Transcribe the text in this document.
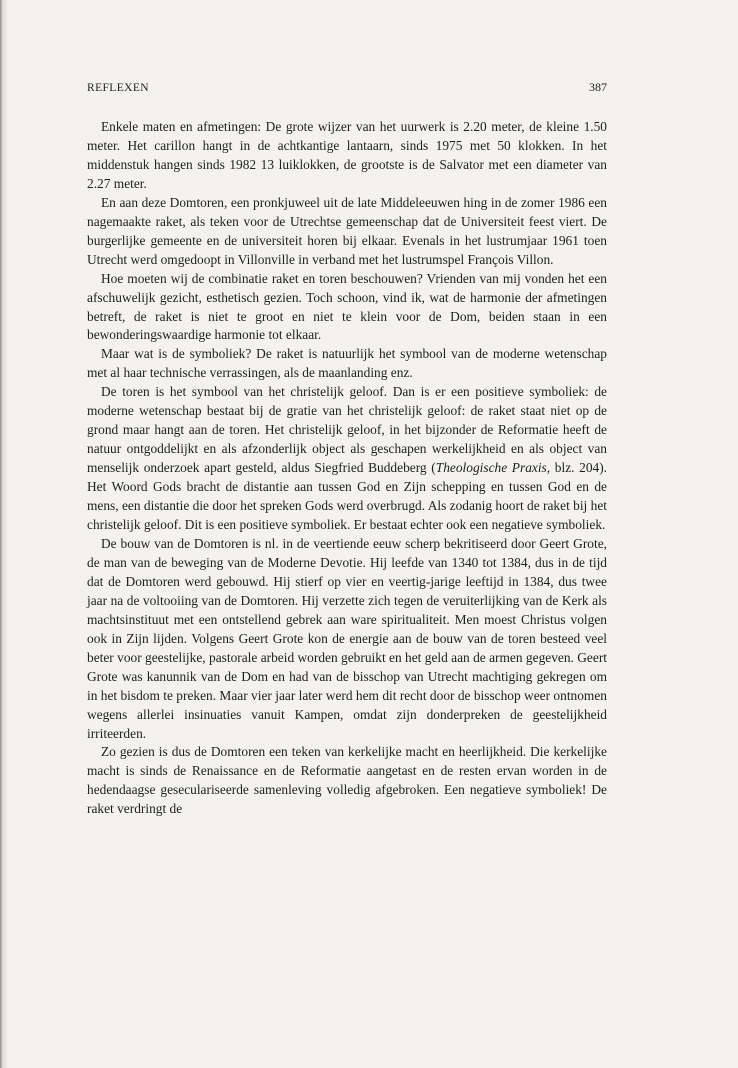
REFLEXEN	387

Enkele maten en afmetingen: De grote wijzer van het uurwerk is 2.20 meter, de kleine 1.50 meter. Het carillon hangt in de achtkantige lantaarn, sinds 1975 met 50 klokken. In het middenstuk hangen sinds 1982 13 luiklokken, de grootste is de Salvator met een diameter van 2.27 meter.

En aan deze Domtoren, een pronkjuweel uit de late Middeleeuwen hing in de zomer 1986 een nagemaakte raket, als teken voor de Utrechtse gemeenschap dat de Universiteit feest viert. De burgerlijke gemeente en de universiteit horen bij elkaar. Evenals in het lustrumjaar 1961 toen Utrecht werd omgedoopt in Villonville in verband met het lustrumspel François Villon.

Hoe moeten wij de combinatie raket en toren beschouwen? Vrienden van mij vonden het een afschuwelijk gezicht, esthetisch gezien. Toch schoon, vind ik, wat de harmonie der afmetingen betreft, de raket is niet te groot en niet te klein voor de Dom, beiden staan in een bewonderingswaardige harmonie tot elkaar.

Maar wat is de symboliek? De raket is natuurlijk het symbool van de moderne wetenschap met al haar technische verrassingen, als de maanlanding enz.

De toren is het symbool van het christelijk geloof. Dan is er een positieve symboliek: de moderne wetenschap bestaat bij de gratie van het christelijk geloof: de raket staat niet op de grond maar hangt aan de toren. Het christelijk geloof, in het bijzonder de Reformatie heeft de natuur ontgoddelijkt en als afzonderlijk object als geschapen werkelijkheid en als object van menselijk onderzoek apart gesteld, aldus Siegfried Buddeberg (Theologische Praxis, blz. 204). Het Woord Gods bracht de distantie aan tussen God en Zijn schepping en tussen God en de mens, een distantie die door het spreken Gods werd overbrugd. Als zodanig hoort de raket bij het christelijk geloof. Dit is een positieve symboliek. Er bestaat echter ook een negatieve symboliek.

De bouw van de Domtoren is nl. in de veertiende eeuw scherp bekritiseerd door Geert Grote, de man van de beweging van de Moderne Devotie. Hij leefde van 1340 tot 1384, dus in de tijd dat de Domtoren werd gebouwd. Hij stierf op vier en veertig-jarige leeftijd in 1384, dus twee jaar na de voltooiing van de Domtoren. Hij verzette zich tegen de veruiterlijking van de Kerk als machtsinstituut met een ontstellend gebrek aan ware spiritualiteit. Men moest Christus volgen ook in Zijn lijden. Volgens Geert Grote kon de energie aan de bouw van de toren besteed veel beter voor geestelijke, pastorale arbeid worden gebruikt en het geld aan de armen gegeven. Geert Grote was kanunnik van de Dom en had van de bisschop van Utrecht machtiging gekregen om in het bisdom te preken. Maar vier jaar later werd hem dit recht door de bisschop weer ontnomen wegens allerlei insinuaties vanuit Kampen, omdat zijn donderpreken de geestelijkheid irriteerden.

Zo gezien is dus de Domtoren een teken van kerkelijke macht en heerlijkheid. Die kerkelijke macht is sinds de Renaissance en de Reformatie aangetast en de resten ervan worden in de hedendaagse geseculariseerde samenleving volledig afgebroken. Een negatieve symboliek! De raket verdringt de
